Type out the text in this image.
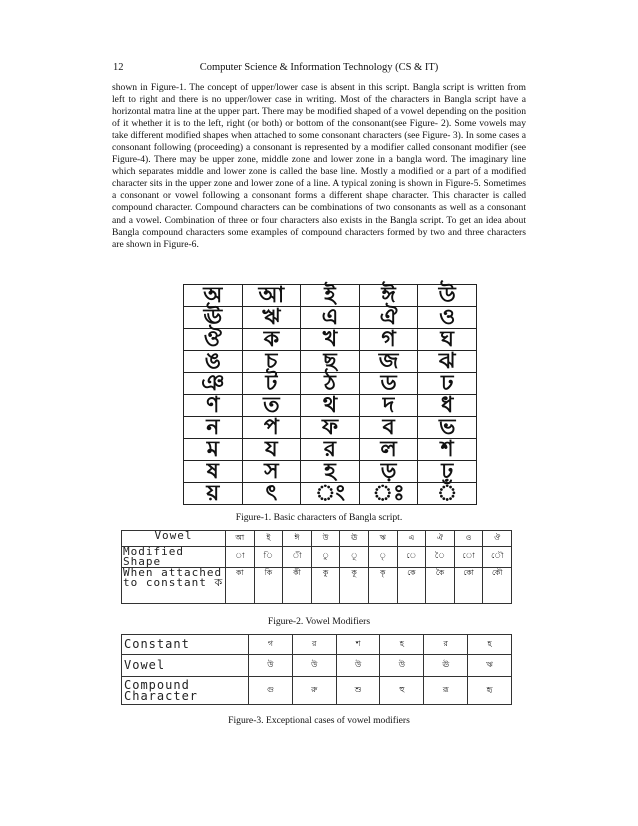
12	Computer Science & Information Technology (CS & IT)
shown in Figure-1. The concept of upper/lower case is absent in this script. Bangla script is written from left to right and there is no upper/lower case in writing. Most of the characters in Bangla script have a horizontal matra line at the upper part. There may be modified shaped of a vowel depending on the position of it whether it is to the left, right (or both) or bottom of the consonant(see Figure- 2). Some vowels may take different modified shapes when attached to some consonant characters (see Figure- 3). In some cases a consonant following (proceeding) a consonant is represented by a modifier called consonant modifier (see Figure-4). There may be upper zone, middle zone and lower zone in a bangla word. The imaginary line which separates middle and lower zone is called the base line. Mostly a modified or a part of a modified character sits in the upper zone and lower zone of a line. A typical zoning is shown in Figure-5. Sometimes a consonant or vowel following a consonant forms a different shape character. This character is called compound character. Compound characters can be combinations of two consonants as well as a consonant and a vowel. Combination of three or four characters also exists in the Bangla script. To get an idea about Bangla compound characters some examples of compound characters formed by two and three characters are shown in Figure-6.
অ	আ	ই	ঈ	উ
ঊ	ঋ	এ	ঐ	ও
ঔ	ক	খ	গ	ঘ
ঙ	চ	ছ	জ	ঝ
ঞ	ট	ঠ	ড	ঢ
ণ	ত	থ	দ	ধ
ন	প	ফ	ব	ভ
ম	য	র	ল	শ
ষ	স	হ	ড়	ঢ়
য়	ৎ	ং	ঃ	ঁ
Figure-1. Basic characters of Bangla script.
Vowel	আ	ই	ঈ	উ	ঊ	ঋ	এ	ঐ	ও	ঔ
Modified Shape	া	ি	ী	ু	ূ	ৃ	ে	ৈ	ো	ৌ
When attached to constant ক	কা	কি	কী	কু	কূ	কৃ	কে	কৈ	কো	কৌ
Figure-2. Vowel Modifiers
Constant	গ	র	শ	হ	র	হ
Vowel	উ	উ	উ	উ	ঊ	ঋ
Compound Character	গু	রু	শু	হু	রূ	হৃ
Figure-3. Exceptional cases of vowel modifiers
